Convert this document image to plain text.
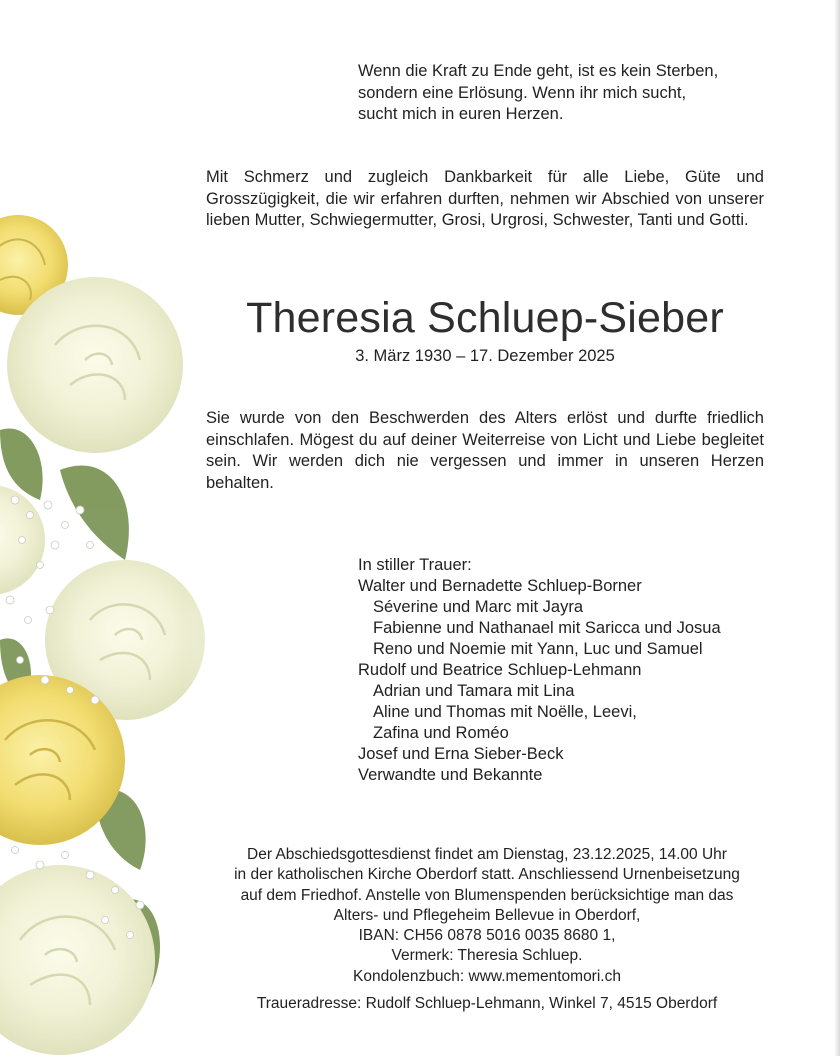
Wenn die Kraft zu Ende geht, ist es kein Sterben,
sondern eine Erlösung. Wenn ihr mich sucht,
sucht mich in euren Herzen.
Mit Schmerz und zugleich Dankbarkeit für alle Liebe, Güte und Grosszügigkeit, die wir erfahren durften, nehmen wir Abschied von unserer lieben Mutter, Schwiegermutter, Grosi, Urgrosi, Schwester, Tanti und Gotti.
Theresia Schluep-Sieber
3. März 1930 – 17. Dezember 2025
Sie wurde von den Beschwerden des Alters erlöst und durfte friedlich einschlafen. Mögest du auf deiner Weiterreise von Licht und Liebe begleitet sein. Wir werden dich nie vergessen und immer in unseren Herzen behalten.
In stiller Trauer:
Walter und Bernadette Schluep-Borner
Séverine und Marc mit Jayra
Fabienne und Nathanael mit Saricca und Josua
Reno und Noemie mit Yann, Luc und Samuel
Rudolf und Beatrice Schluep-Lehmann
Adrian und Tamara mit Lina
Aline und Thomas mit Noëlle, Leevi,
Zafina und Roméo
Josef und Erna Sieber-Beck
Verwandte und Bekannte
Der Abschiedsgottesdienst findet am Dienstag, 23.12.2025, 14.00 Uhr
in der katholischen Kirche Oberdorf statt. Anschliessend Urnenbeisetzung
auf dem Friedhof. Anstelle von Blumenspenden berücksichtige man das
Alters- und Pflegeheim Bellevue in Oberdorf,
IBAN: CH56 0878 5016 0035 8680 1,
Vermerk: Theresia Schluep.
Kondolenzbuch: www.mementomori.ch
Traueradresse: Rudolf Schluep-Lehmann, Winkel 7, 4515 Oberdorf
